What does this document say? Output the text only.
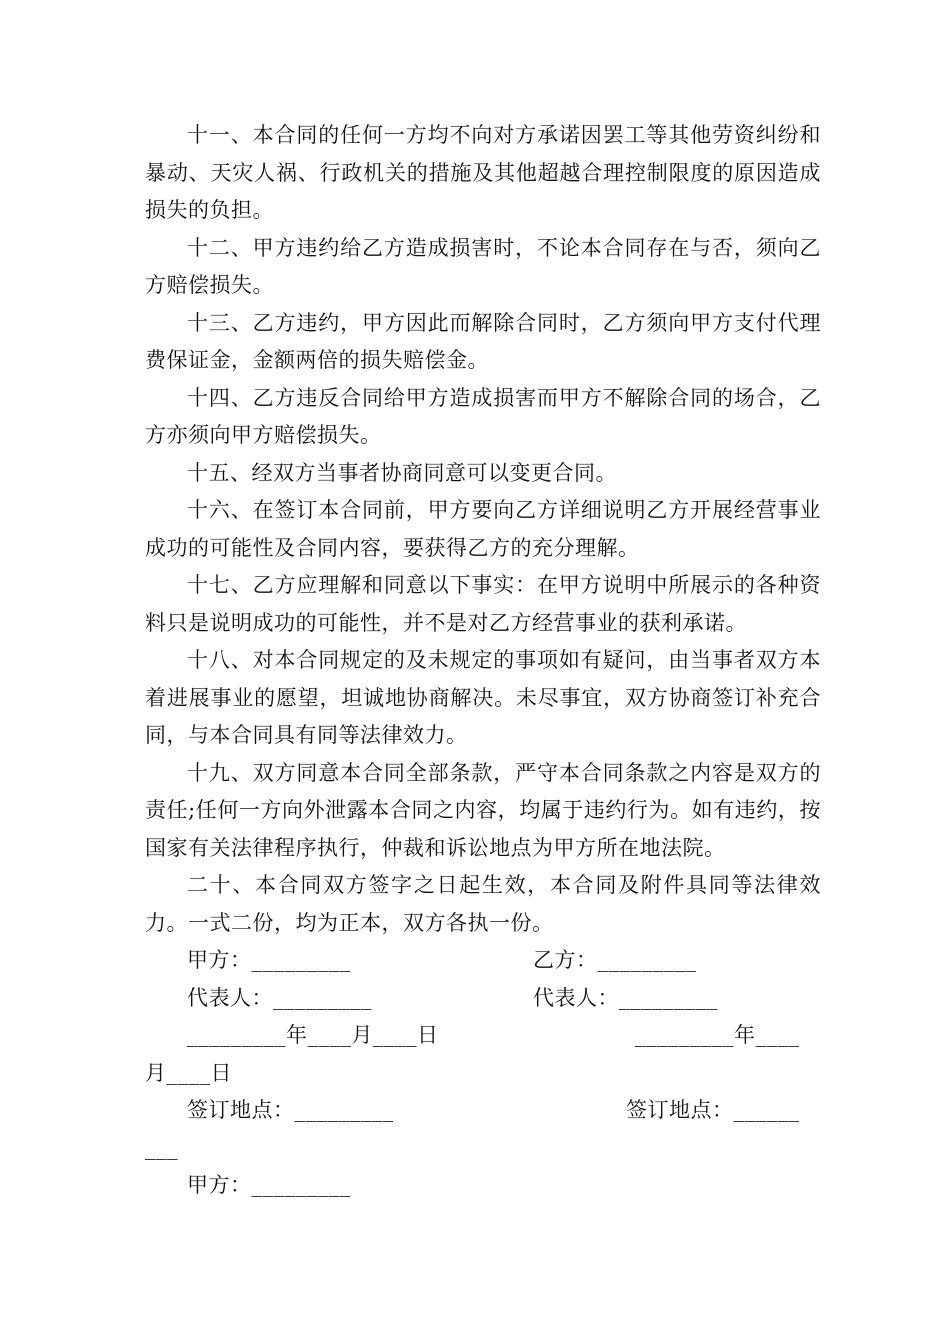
十一、本合同的任何一方均不向对方承诺因罢工等其他劳资纠纷和暴动、天灾人祸、行政机关的措施及其他超越合理控制限度的原因造成损失的负担。

十二、甲方违约给乙方造成损害时，不论本合同存在与否，须向乙方赔偿损失。

十三、乙方违约，甲方因此而解除合同时，乙方须向甲方支付代理费保证金，金额两倍的损失赔偿金。

十四、乙方违反合同给甲方造成损害而甲方不解除合同的场合，乙方亦须向甲方赔偿损失。

十五、经双方当事者协商同意可以变更合同。

十六、在签订本合同前，甲方要向乙方详细说明乙方开展经营事业成功的可能性及合同内容，要获得乙方的充分理解。

十七、乙方应理解和同意以下事实：在甲方说明中所展示的各种资料只是说明成功的可能性，并不是对乙方经营事业的获利承诺。

十八、对本合同规定的及未规定的事项如有疑问，由当事者双方本着进展事业的愿望，坦诚地协商解决。未尽事宜，双方协商签订补充合同，与本合同具有同等法律效力。

十九、双方同意本合同全部条款，严守本合同条款之内容是双方的责任;任何一方向外泄露本合同之内容，均属于违约行为。如有违约，按国家有关法律程序执行，仲裁和诉讼地点为甲方所在地法院。

二十、本合同双方签字之日起生效，本合同及附件具同等法律效力。一式二份，均为正本，双方各执一份。

甲方：_________	乙方：_________
代表人：_________	代表人：_________
_________年____月____日	_________年____
月____日
签订地点：_________	签订地点：______
___
甲方：_________
